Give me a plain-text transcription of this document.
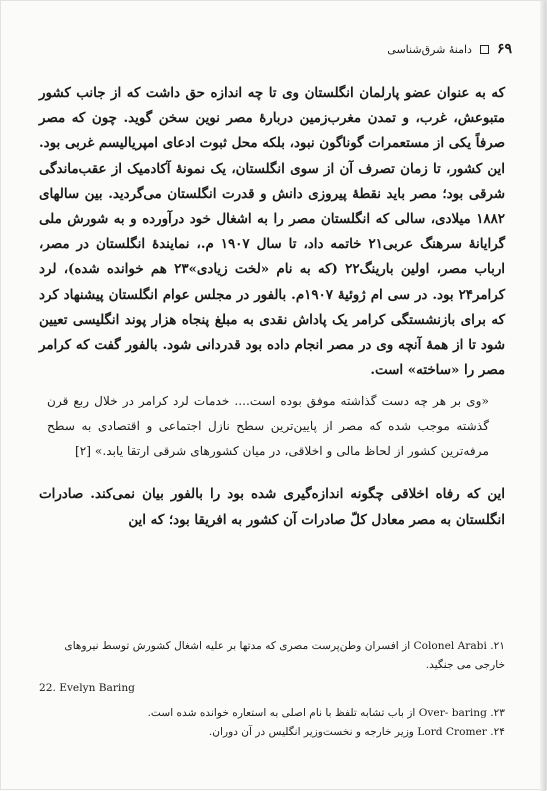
۶۹
دامنهٔ شرق‌شناسی

که به عنوان عضو پارلمان انگلستان وی تا چه اندازه حق داشت که از جانب کشور متبوعش، غرب، و تمدن مغرب‌زمین دربارهٔ مصر نوین سخن گوید. چون که مصر صرفاً یکی از مستعمرات گوناگون نبود، بلکه محل ثبوت ادعای امپریالیسم غربی بود. این کشور، تا زمان تصرف آن از سوی انگلستان، یک نمونهٔ آکادمیک از عقب‌ماندگی شرقی بود؛ مصر باید نقطهٔ پیروزی دانش و قدرت انگلستان می‌گردید. بین سالهای ۱۸۸۲ میلادی، سالی که انگلستان مصر را به اشغال خود درآورده و به شورش ملی گرایانهٔ سرهنگ عربی۲۱ خاتمه داد، تا سال ۱۹۰۷ م.، نمایندهٔ انگلستان در مصر، ارباب مصر، اولین بارینگ۲۲ (که به نام «لخت زیادی»۲۳ هم خوانده شده)، لرد کرامر۲۴ بود. در سی ام ژوئیهٔ ۱۹۰۷م. بالفور در مجلس عوام انگلستان پیشنهاد کرد که برای بازنشستگی کرامر یک پاداش نقدی به مبلغ پنجاه هزار پوند انگلیسی تعیین شود تا از همهٔ آنچه وی در مصر انجام داده بود قدردانی شود. بالفور گفت که کرامر مصر را «ساخته» است.

«وی بر هر چه دست گذاشته موفق بوده است.... خدمات لرد کرامر در خلال ربع قرن گذشته موجب شده که مصر از پایین‌ترین سطح نازل اجتماعی و اقتصادی به سطح مرفه‌ترین کشور از لحاظ مالی و اخلاقی، در میان کشورهای شرقی ارتقا یابد.» [۲]

این که رفاه اخلاقی چگونه اندازه‌گیری شده بود را بالفور بیان نمی‌کند. صادرات انگلستان به مصر معادل کلّ صادرات آن کشور به افریقا بود؛ که این

۲۱. Colonel Arabi از افسران وطن‌پرست مصری که مدتها بر علیه اشغال کشورش توسط نیروهای خارجی می جنگید.
22. Evelyn Baring
۲۳. Over- baring از باب تشابه تلفظ با نام اصلی به استعاره خوانده شده است.
۲۴. Lord Cromer وزیر خارجه و نخست‌وزیر انگلیس در آن دوران.
